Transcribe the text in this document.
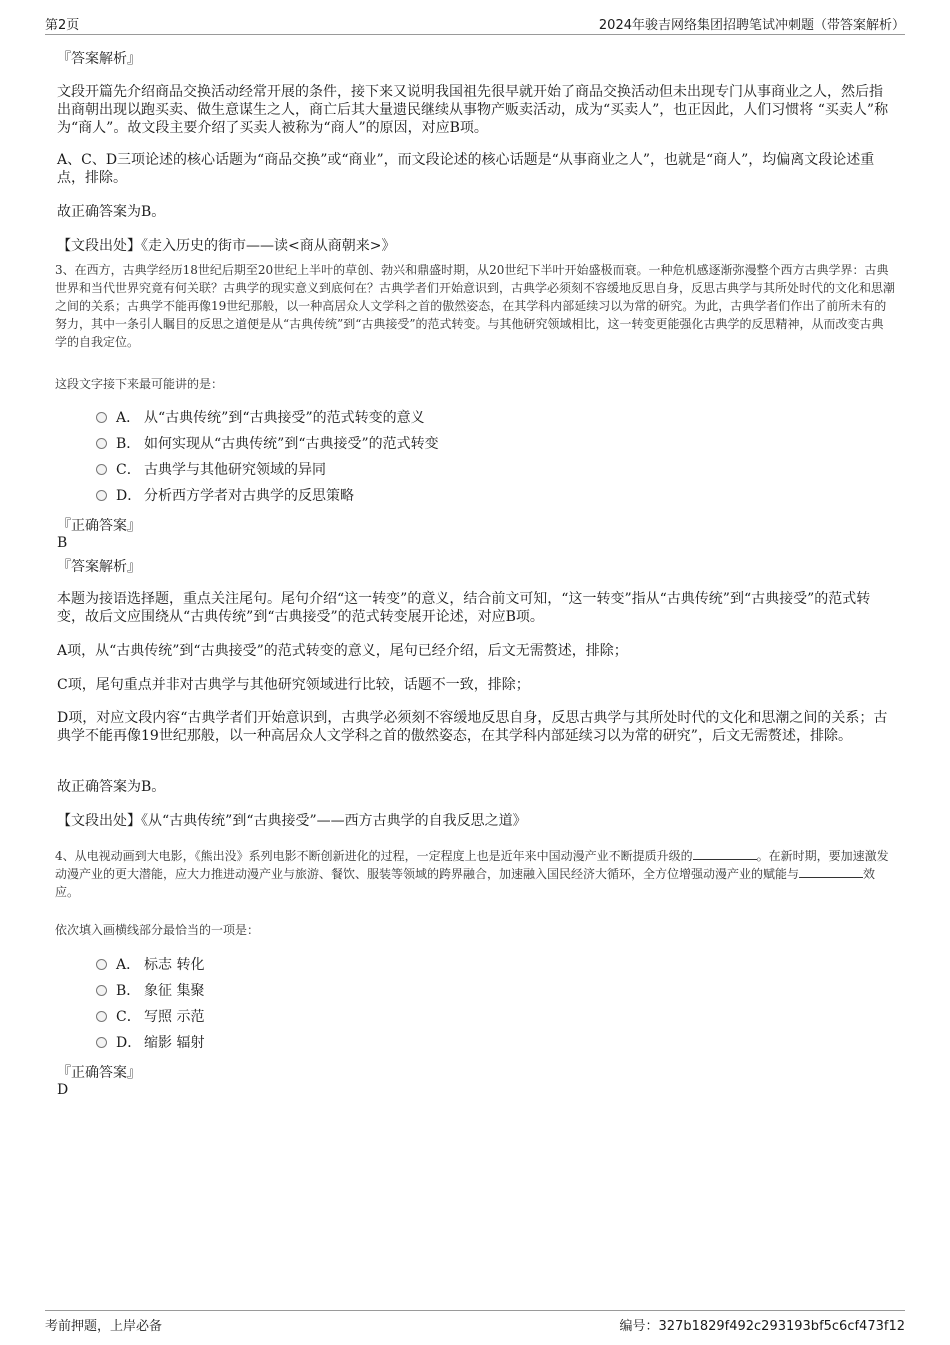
第2页	2024年骏吉网络集团招聘笔试冲刺题（带答案解析）
『答案解析』

文段开篇先介绍商品交换活动经常开展的条件，接下来又说明我国祖先很早就开始了商品交换活动但未出现专门从事商业之人，然后指出商朝出现以跑买卖、做生意谋生之人，商亡后其大量遗民继续从事物产贩卖活动，成为“买卖人”，也正因此，人们习惯将 “买卖人”称为“商人”。故文段主要介绍了买卖人被称为“商人”的原因，对应B项。

A、C、D三项论述的核心话题为“商品交换”或“商业”，而文段论述的核心话题是“从事商业之人”，也就是“商人”，均偏离文段论述重点，排除。

故正确答案为B。

【文段出处】《走入历史的街市——读<商从商朝来>》

3、在西方，古典学经历18世纪后期至20世纪上半叶的草创、勃兴和鼎盛时期，从20世纪下半叶开始盛极而衰。一种危机感逐渐弥漫整个西方古典学界：古典世界和当代世界究竟有何关联？古典学的现实意义到底何在？古典学者们开始意识到，古典学必须刻不容缓地反思自身，反思古典学与其所处时代的文化和思潮之间的关系；古典学不能再像19世纪那般，以一种高居众人文学科之首的傲然姿态，在其学科内部延续习以为常的研究。为此，古典学者们作出了前所未有的努力，其中一条引人瞩目的反思之道便是从“古典传统”到“古典接受”的范式转变。与其他研究领域相比，这一转变更能强化古典学的反思精神，从而改变古典学的自我定位。

这段文字接下来最可能讲的是：

A． 从“古典传统”到“古典接受”的范式转变的意义
B． 如何实现从“古典传统”到“古典接受”的范式转变
C． 古典学与其他研究领域的异同
D． 分析西方学者对古典学的反思策略
『正确答案』
B
『答案解析』

本题为接语选择题，重点关注尾句。尾句介绍“这一转变”的意义，结合前文可知，“这一转变”指从“古典传统”到“古典接受”的范式转变，故后文应围绕从“古典传统”到“古典接受”的范式转变展开论述，对应B项。

A项，从“古典传统”到“古典接受”的范式转变的意义，尾句已经介绍，后文无需赘述，排除；

C项，尾句重点并非对古典学与其他研究领域进行比较，话题不一致，排除；

D项，对应文段内容“古典学者们开始意识到，古典学必须刻不容缓地反思自身，反思古典学与其所处时代的文化和思潮之间的关系；古典学不能再像19世纪那般，以一种高居众人文学科之首的傲然姿态，在其学科内部延续习以为常的研究”，后文无需赘述，排除。

故正确答案为B。

【文段出处】《从“古典传统”到“古典接受”——西方古典学的自我反思之道》

4、从电视动画到大电影，《熊出没》系列电影不断创新进化的过程，一定程度上也是近年来中国动漫产业不断提质升级的	。在新时期，要加速激发动漫产业的更大潜能，应大力推进动漫产业与旅游、餐饮、服装等领域的跨界融合，加速融入国民经济大循环，全方位增强动漫产业的赋能与	效应。

依次填入画横线部分最恰当的一项是：

A． 标志 转化
B． 象征 集聚
C． 写照 示范
D． 缩影 辐射
『正确答案』
D
考前押题，上岸必备	编号：327b1829f492c293193bf5c6cf473f12
